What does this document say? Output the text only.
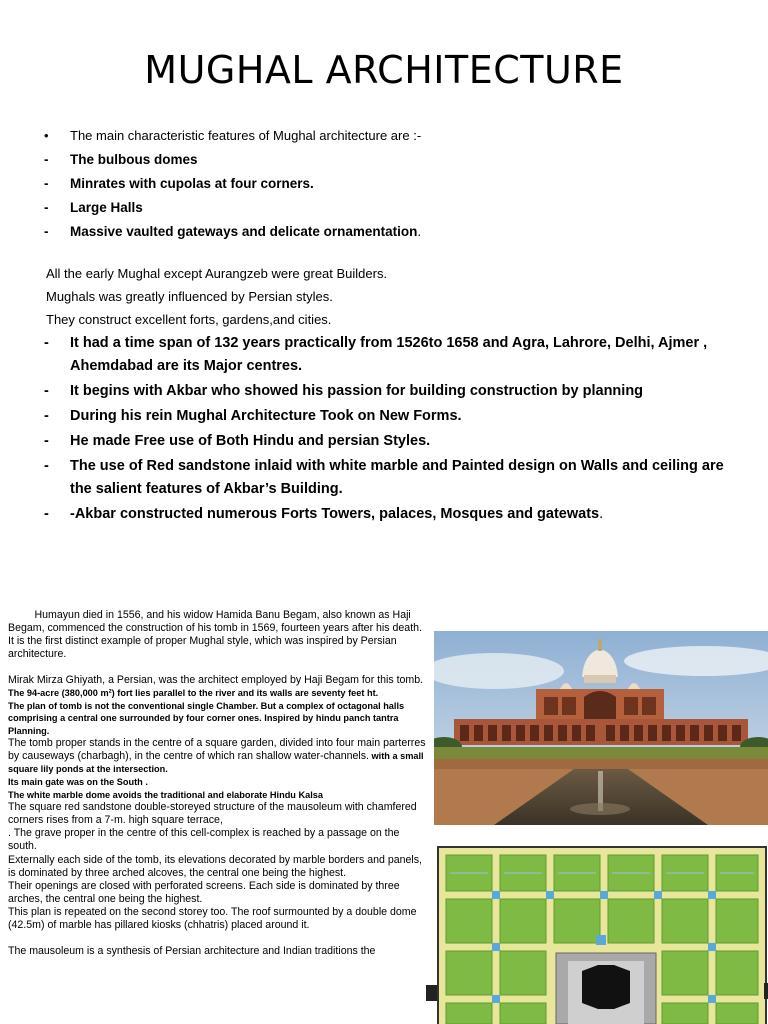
MUGHAL ARCHITECTURE
• The main characteristic features of Mughal architecture are :-
- The bulbous domes
- Minrates with cupolas at four corners.
- Large Halls
- Massive vaulted gateways and delicate ornamentation.
All the early Mughal except Aurangzeb were great Builders.
Mughals was greatly influenced by Persian styles.
They construct excellent forts, gardens,and cities.
- It had a time span of 132 years practically from 1526to 1658 and Agra, Lahrore, Delhi, Ajmer , Ahemdabad are its Major centres.
- It begins with Akbar who showed his passion for building construction by planning
- During his rein Mughal Architecture Took on New Forms.
- He made Free use of Both Hindu and persian Styles.
- The use of Red sandstone inlaid with white marble and Painted design on Walls and ceiling are the salient features of Akbar’s Building.
- -Akbar constructed numerous Forts Towers, palaces, Mosques and gatewats.

Humayun died in 1556, and his widow Hamida Banu Begam, also known as Haji Begam, commenced the construction of his tomb in 1569, fourteen years after his death.

It is the first distinct example of proper Mughal style, which was inspired by Persian architecture.

Mirak Mirza Ghiyath, a Persian, was the architect employed by Haji Begam for this tomb.

The 94-acre (380,000 m²) fort lies parallel to the river and its walls are seventy feet ht.

The plan of tomb is not the conventional single Chamber. But a complex of octagonal halls comprising a central one surrounded by four corner ones. Inspired by hindu panch tantra Planning.

The tomb proper stands in the centre of a square garden, divided into four main parterres by causeways (charbagh), in the centre of which ran shallow water-channels. with a small square lily ponds at the intersection.

Its main gate was on the South .

The white marble dome avoids the traditional and elaborate Hindu Kalsa

The square red sandstone double-storeyed structure of the mausoleum with chamfered corners rises from a 7-m. high square terrace,

. The grave proper in the centre of this cell-complex is reached by a passage on the south.

Externally each side of the tomb, its elevations decorated by marble borders and panels, is dominated by three arched alcoves, the central one being the highest.

Their openings are closed with perforated screens. Each side is dominated by three arches, the central one being the highest.

This plan is repeated on the second storey too. The roof surmounted by a double dome (42.5m) of marble has pillared kiosks (chhatris) placed around it.

The mausoleum is a synthesis of Persian architecture and Indian traditions the
